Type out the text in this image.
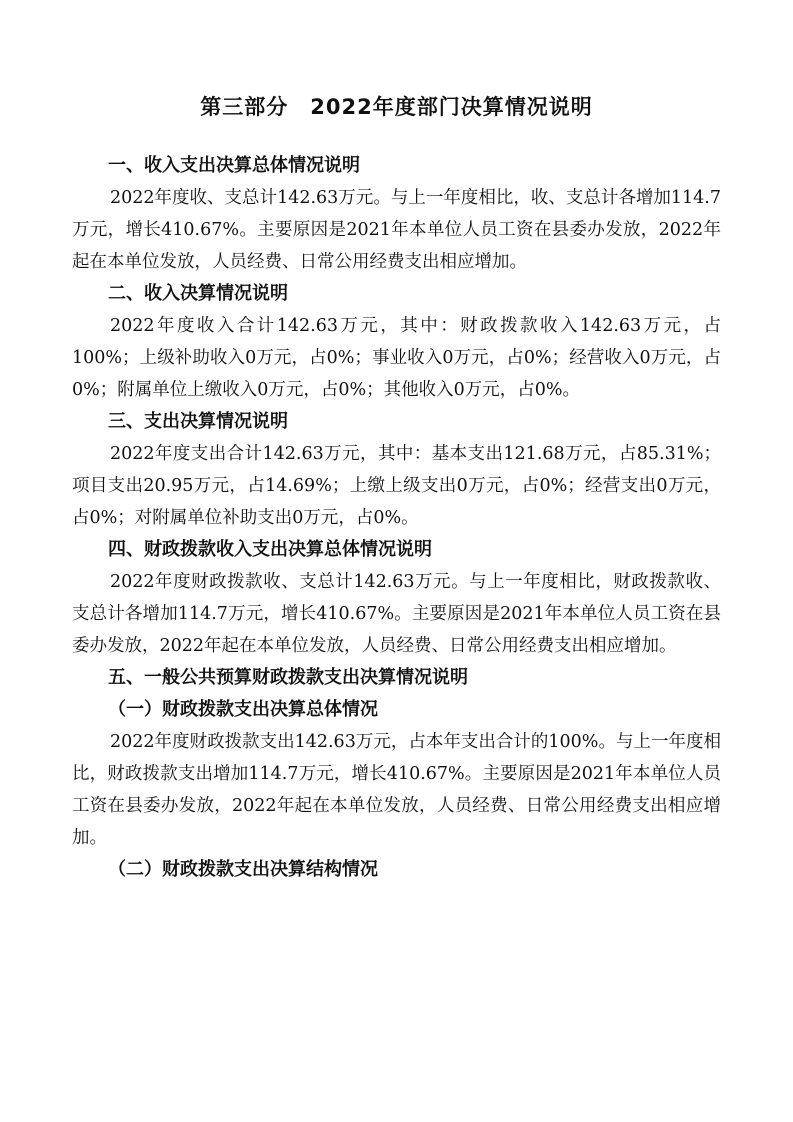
第三部分　2022年度部门决算情况说明
一、收入支出决算总体情况说明

2022年度收、支总计142.63万元。与上一年度相比，收、支总计各增加114.7万元，增长410.67%。主要原因是2021年本单位人员工资在县委办发放，2022年起在本单位发放，人员经费、日常公用经费支出相应增加。

二、收入决算情况说明

2022年度收入合计142.63万元，其中：财政拨款收入142.63万元，占100%；上级补助收入0万元，占0%；事业收入0万元，占0%；经营收入0万元，占0%；附属单位上缴收入0万元，占0%；其他收入0万元，占0%。

三、支出决算情况说明

2022年度支出合计142.63万元，其中：基本支出121.68万元，占85.31%；项目支出20.95万元，占14.69%；上缴上级支出0万元，占0%；经营支出0万元，占0%；对附属单位补助支出0万元，占0%。

四、财政拨款收入支出决算总体情况说明

2022年度财政拨款收、支总计142.63万元。与上一年度相比，财政拨款收、支总计各增加114.7万元，增长410.67%。主要原因是2021年本单位人员工资在县委办发放，2022年起在本单位发放，人员经费、日常公用经费支出相应增加。

五、一般公共预算财政拨款支出决算情况说明
（一）财政拨款支出决算总体情况

2022年度财政拨款支出142.63万元，占本年支出合计的100%。与上一年度相比，财政拨款支出增加114.7万元，增长410.67%。主要原因是2021年本单位人员工资在县委办发放，2022年起在本单位发放，人员经费、日常公用经费支出相应增加。

（二）财政拨款支出决算结构情况
